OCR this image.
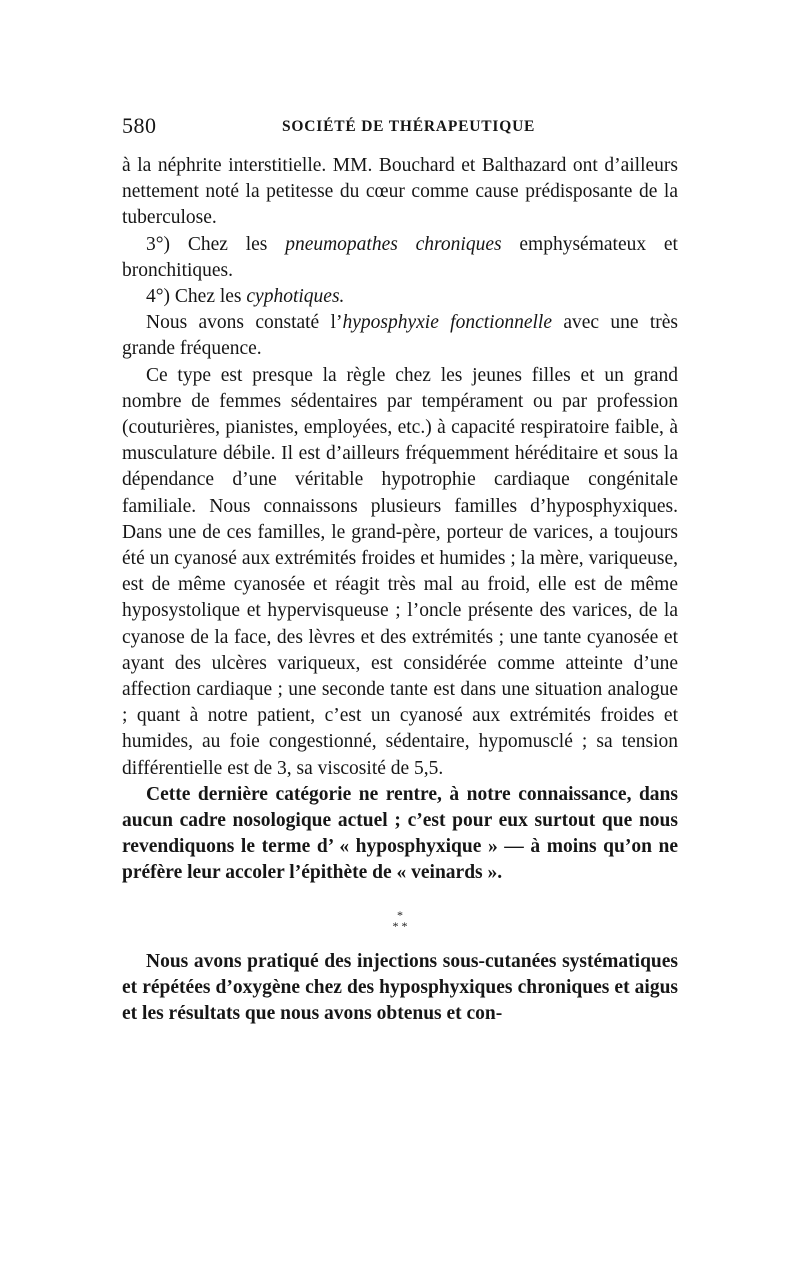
580	SOCIÉTÉ DE THÉRAPEUTIQUE

à la néphrite interstitielle. MM. Bouchard et Balthazard ont d’ailleurs nettement noté la petitesse du cœur comme cause prédisposante de la tuberculose.

3°) Chez les pneumopathes chroniques emphysémateux et bronchitiques.

4°) Chez les cyphotiques.

Nous avons constaté l’hyposphyxie fonctionnelle avec une très grande fréquence.

Ce type est presque la règle chez les jeunes filles et un grand nombre de femmes sédentaires par tempérament ou par profession (couturières, pianistes, employées, etc.) à capacité respiratoire faible, à musculature débile. Il est d’ailleurs fréquemment héréditaire et sous la dépendance d’une véritable hypotrophie cardiaque congénitale familiale. Nous connaissons plusieurs familles d’hyposphyxiques. Dans une de ces familles, le grand-père, porteur de varices, a toujours été un cyanosé aux extrémités froides et humides ; la mère, variqueuse, est de même cyanosée et réagit très mal au froid, elle est de même hyposystolique et hypervisqueuse ; l’oncle présente des varices, de la cyanose de la face, des lèvres et des extrémités ; une tante cyanosée et ayant des ulcères variqueux, est considérée comme atteinte d’une affection cardiaque ; une seconde tante est dans une situation analogue ; quant à notre patient, c’est un cyanosé aux extrémités froides et humides, au foie congestionné, sédentaire, hypomusclé ; sa tension différentielle est de 3, sa viscosité de 5,5.

Cette dernière catégorie ne rentre, à notre connaissance, dans aucun cadre nosologique actuel ; c’est pour eux surtout que nous revendiquons le terme d’ « hyposphyxique » — à moins qu’on ne préfère leur accoler l’épithète de « veinards ».

*
* *

Nous avons pratiqué des injections sous-cutanées systématiques et répétées d’oxygène chez des hyposphyxiques chroniques et aigus et les résultats que nous avons obtenus et con-
